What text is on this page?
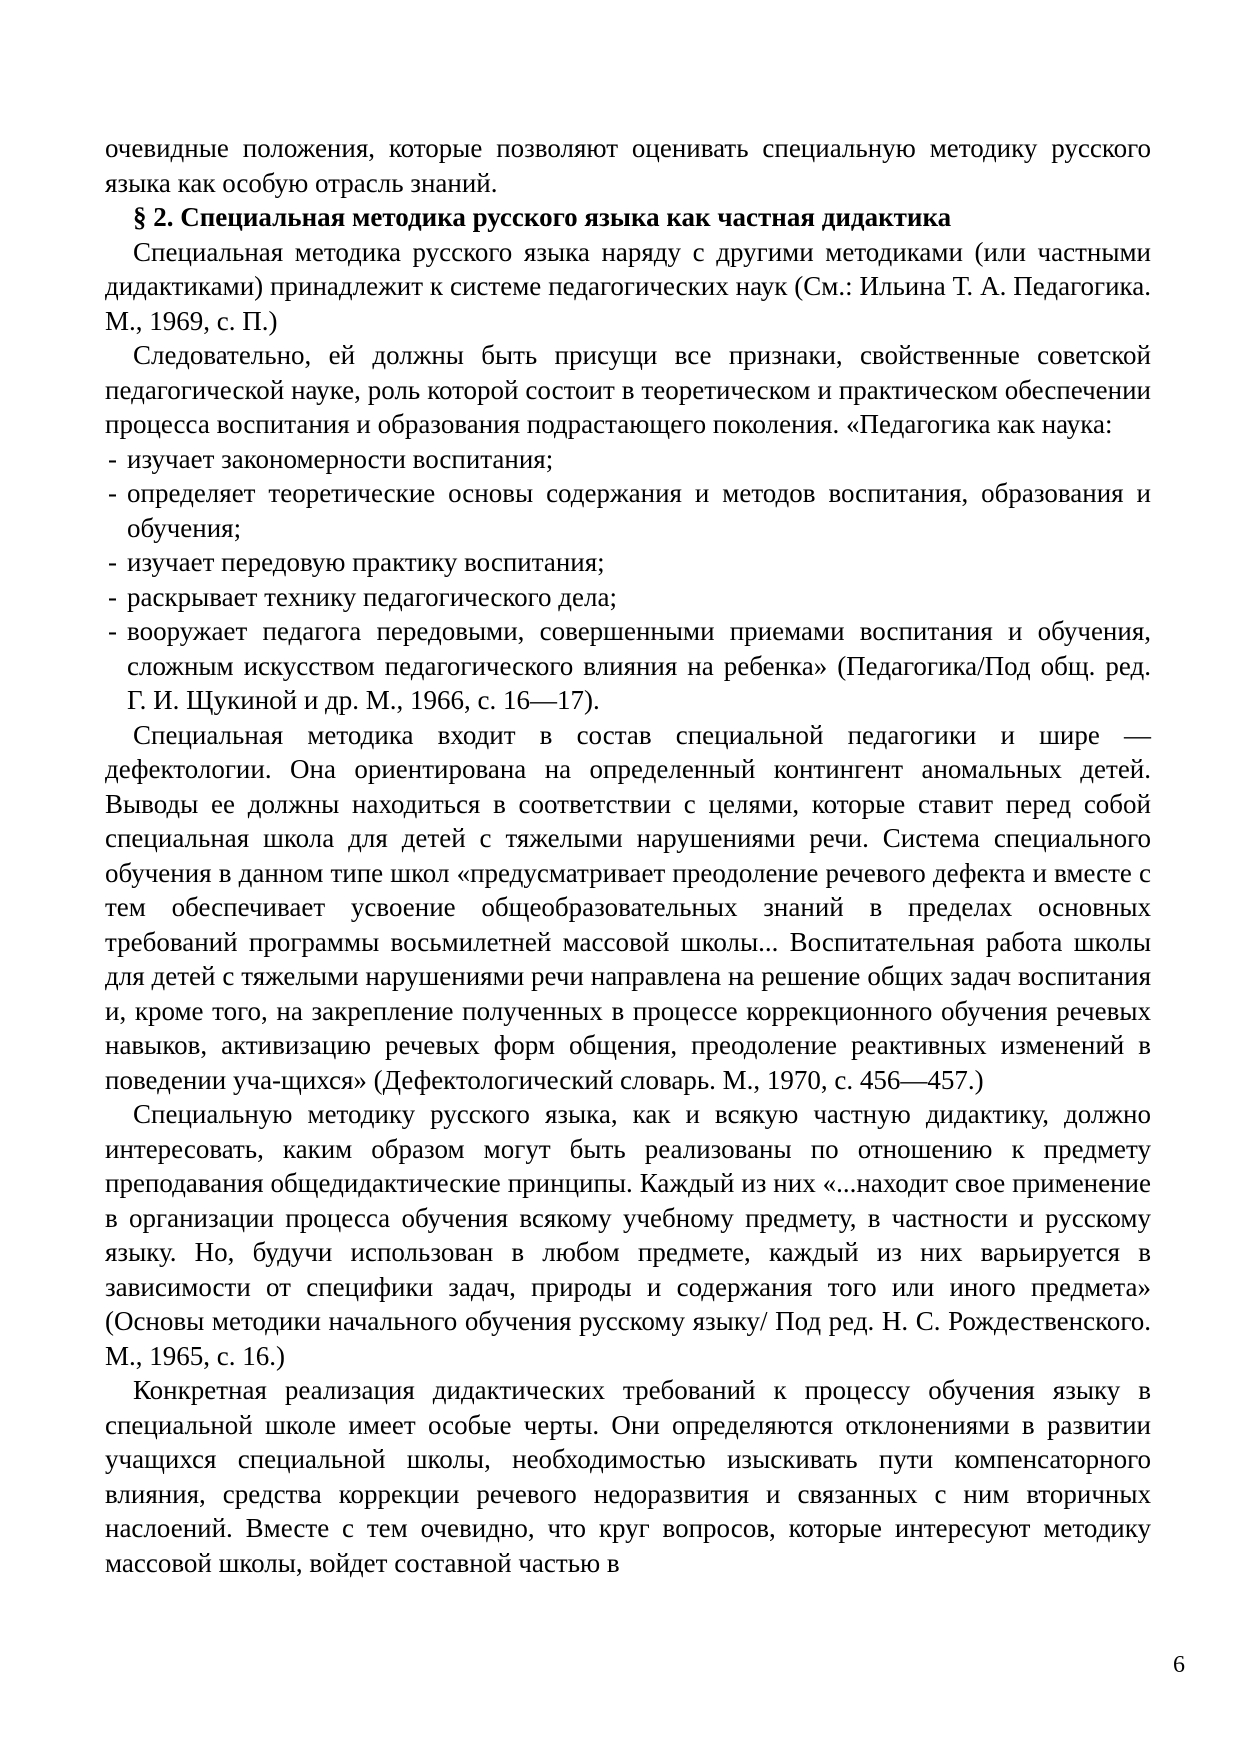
очевидные положения, которые позволяют оценивать специальную методику русского языка как особую отрасль знаний.

§ 2. Специальная методика русского языка как частная дидактика

Специальная методика русского языка наряду с другими методиками (или частными дидактиками) принадлежит к системе педагогических наук (См.: Ильина Т. А. Педагогика. М., 1969, с. П.)

Следовательно, ей должны быть присущи все признаки, свойственные советской педагогической науке, роль которой состоит в теоретическом и практическом обеспечении процесса воспитания и образования подрастающего поколения. «Педагогика как наука:

- изучает закономерности воспитания;
- определяет теоретические основы содержания и методов воспитания, образования и обучения;
- изучает передовую практику воспитания;
- раскрывает технику педагогического дела;
- вооружает педагога передовыми, совершенными приемами воспитания и обучения, сложным искусством педагогического влияния на ребенка» (Педагогика/Под общ. ред. Г. И. Щукиной и др. М., 1966, с. 16—17).

Специальная методика входит в состав специальной педагогики и шире — дефектологии. Она ориентирована на определенный контингент аномальных детей. Выводы ее должны находиться в соответствии с целями, которые ставит перед собой специальная школа для детей с тяжелыми нарушениями речи. Система специального обучения в данном типе школ «предусматривает преодоление речевого дефекта и вместе с тем обеспечивает усвоение общеобразовательных знаний в пределах основных требований программы восьмилетней массовой школы... Воспитательная работа школы для детей с тяжелыми нарушениями речи направлена на решение общих задач воспитания и, кроме того, на закрепление полученных в процессе коррекционного обучения речевых навыков, активизацию речевых форм общения, преодоление реактивных изменений в поведении уча-щихся» (Дефектологический словарь. М., 1970, с. 456—457.)

Специальную методику русского языка, как и всякую частную дидактику, должно интересовать, каким образом могут быть реализованы по отношению к предмету преподавания общедидактические принципы. Каждый из них «...находит свое применение в организации процесса обучения всякому учебному предмету, в частности и русскому языку. Но, будучи использован в любом предмете, каждый из них варьируется в зависимости от специфики задач, природы и содержания того или иного предмета» (Основы методики начального обучения русскому языку/ Под ред. Н. С. Рождественского. М., 1965, с. 16.)

Конкретная реализация дидактических требований к процессу обучения языку в специальной школе имеет особые черты. Они определяются отклонениями в развитии учащихся специальной школы, необходимостью изыскивать пути компенсаторного влияния, средства коррекции речевого недоразвития и связанных с ним вторичных наслоений. Вместе с тем очевидно, что круг вопросов, которые интересуют методику массовой школы, войдет составной частью в

6
